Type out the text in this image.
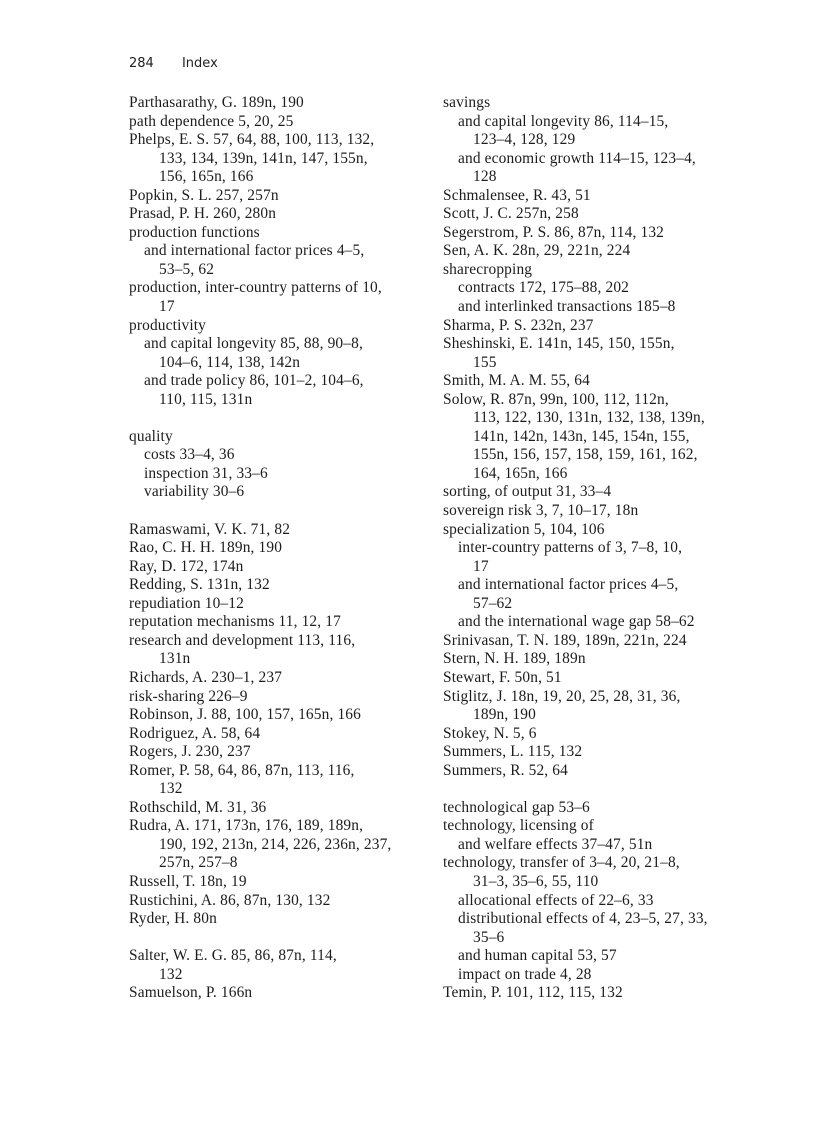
284 Index
Parthasarathy, G. 189n, 190
path dependence 5, 20, 25
Phelps, E. S. 57, 64, 88, 100, 113, 132,
133, 134, 139n, 141n, 147, 155n,
156, 165n, 166
Popkin, S. L. 257, 257n
Prasad, P. H. 260, 280n
production functions
and international factor prices 4–5,
53–5, 62
production, inter-country patterns of 10,
17
productivity
and capital longevity 85, 88, 90–8,
104–6, 114, 138, 142n
and trade policy 86, 101–2, 104–6,
110, 115, 131n
quality
costs 33–4, 36
inspection 31, 33–6
variability 30–6
Ramaswami, V. K. 71, 82
Rao, C. H. H. 189n, 190
Ray, D. 172, 174n
Redding, S. 131n, 132
repudiation 10–12
reputation mechanisms 11, 12, 17
research and development 113, 116,
131n
Richards, A. 230–1, 237
risk-sharing 226–9
Robinson, J. 88, 100, 157, 165n, 166
Rodriguez, A. 58, 64
Rogers, J. 230, 237
Romer, P. 58, 64, 86, 87n, 113, 116,
132
Rothschild, M. 31, 36
Rudra, A. 171, 173n, 176, 189, 189n,
190, 192, 213n, 214, 226, 236n, 237,
257n, 257–8
Russell, T. 18n, 19
Rustichini, A. 86, 87n, 130, 132
Ryder, H. 80n
Salter, W. E. G. 85, 86, 87n, 114,
132
Samuelson, P. 166n
savings
and capital longevity 86, 114–15,
123–4, 128, 129
and economic growth 114–15, 123–4,
128
Schmalensee, R. 43, 51
Scott, J. C. 257n, 258
Segerstrom, P. S. 86, 87n, 114, 132
Sen, A. K. 28n, 29, 221n, 224
sharecropping
contracts 172, 175–88, 202
and interlinked transactions 185–8
Sharma, P. S. 232n, 237
Sheshinski, E. 141n, 145, 150, 155n,
155
Smith, M. A. M. 55, 64
Solow, R. 87n, 99n, 100, 112, 112n,
113, 122, 130, 131n, 132, 138, 139n,
141n, 142n, 143n, 145, 154n, 155,
155n, 156, 157, 158, 159, 161, 162,
164, 165n, 166
sorting, of output 31, 33–4
sovereign risk 3, 7, 10–17, 18n
specialization 5, 104, 106
inter-country patterns of 3, 7–8, 10,
17
and international factor prices 4–5,
57–62
and the international wage gap 58–62
Srinivasan, T. N. 189, 189n, 221n, 224
Stern, N. H. 189, 189n
Stewart, F. 50n, 51
Stiglitz, J. 18n, 19, 20, 25, 28, 31, 36,
189n, 190
Stokey, N. 5, 6
Summers, L. 115, 132
Summers, R. 52, 64
technological gap 53–6
technology, licensing of
and welfare effects 37–47, 51n
technology, transfer of 3–4, 20, 21–8,
31–3, 35–6, 55, 110
allocational effects of 22–6, 33
distributional effects of 4, 23–5, 27, 33,
35–6
and human capital 53, 57
impact on trade 4, 28
Temin, P. 101, 112, 115, 132
